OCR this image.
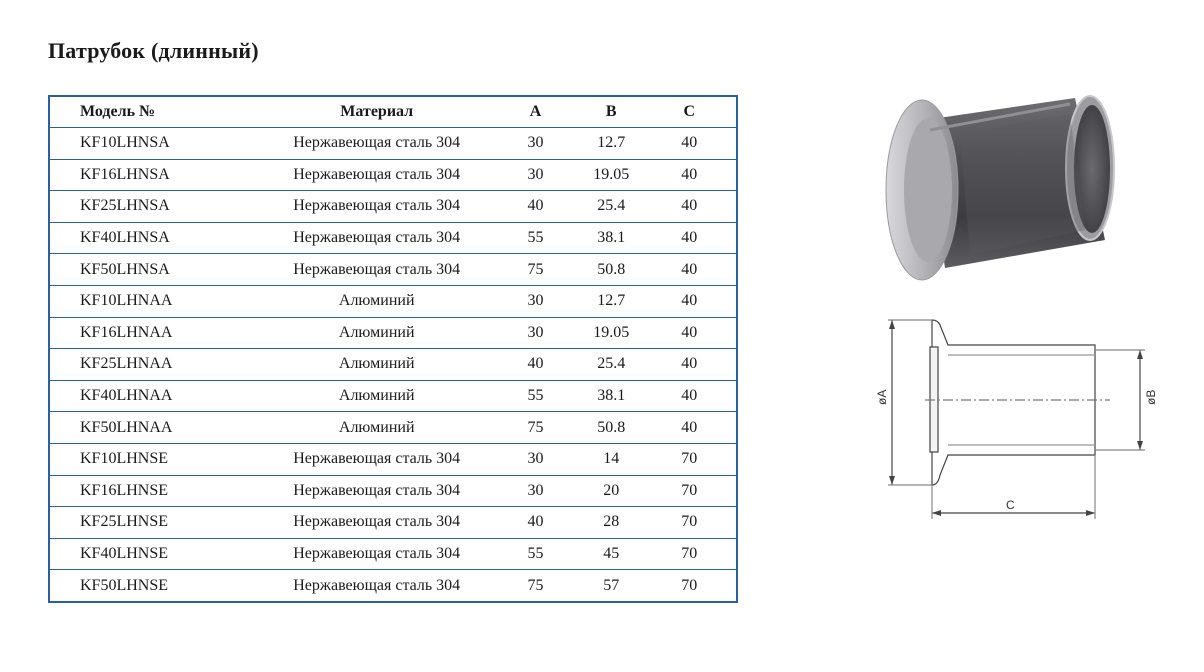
Патрубок (длинный)
Модель №	Материал	A	B	C
KF10LHNSA	Нержавеющая сталь 304	30	12.7	40
KF16LHNSA	Нержавеющая сталь 304	30	19.05	40
KF25LHNSA	Нержавеющая сталь 304	40	25.4	40
KF40LHNSA	Нержавеющая сталь 304	55	38.1	40
KF50LHNSA	Нержавеющая сталь 304	75	50.8	40
KF10LHNAA	Алюминий	30	12.7	40
KF16LHNAA	Алюминий	30	19.05	40
KF25LHNAA	Алюминий	40	25.4	40
KF40LHNAA	Алюминий	55	38.1	40
KF50LHNAA	Алюминий	75	50.8	40
KF10LHNSE	Нержавеющая сталь 304	30	14	70
KF16LHNSE	Нержавеющая сталь 304	30	20	70
KF25LHNSE	Нержавеющая сталь 304	40	28	70
KF40LHNSE	Нержавеющая сталь 304	55	45	70
KF50LHNSE	Нержавеющая сталь 304	75	57	70
øA	øB
C
